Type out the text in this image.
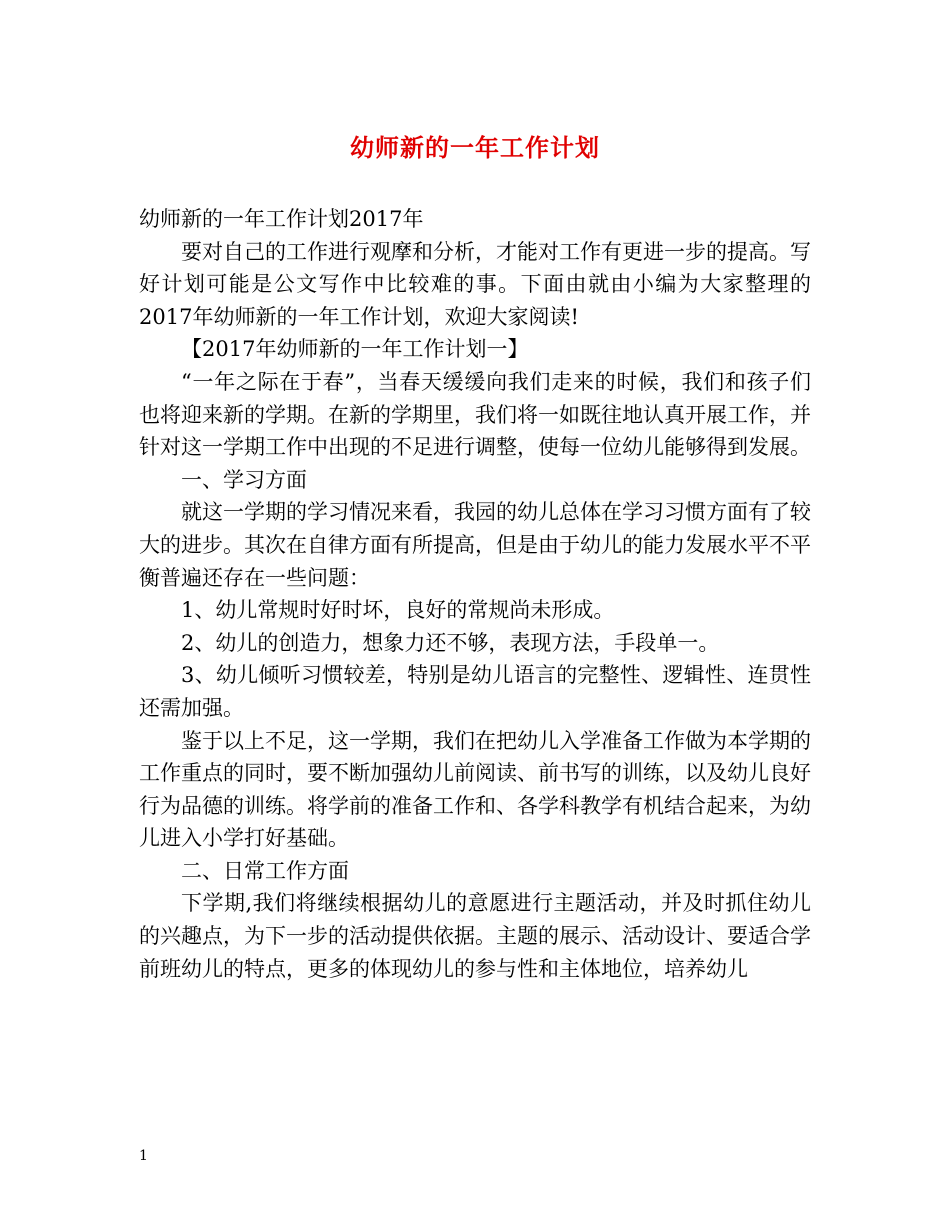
幼师新的一年工作计划

幼师新的一年工作计划2017年

要对自己的工作进行观摩和分析，才能对工作有更进一步的提高。写好计划可能是公文写作中比较难的事。下面由就由小编为大家整理的2017年幼师新的一年工作计划，欢迎大家阅读!

【2017年幼师新的一年工作计划一】

“一年之际在于春”，当春天缓缓向我们走来的时候，我们和孩子们也将迎来新的学期。在新的学期里，我们将一如既往地认真开展工作，并针对这一学期工作中出现的不足进行调整，使每一位幼儿能够得到发展。

一、学习方面

就这一学期的学习情况来看，我园的幼儿总体在学习习惯方面有了较大的进步。其次在自律方面有所提高，但是由于幼儿的能力发展水平不平衡普遍还存在一些问题：

1、幼儿常规时好时坏，良好的常规尚未形成。

2、幼儿的创造力，想象力还不够，表现方法，手段单一。

3、幼儿倾听习惯较差，特别是幼儿语言的完整性、逻辑性、连贯性还需加强。

鉴于以上不足，这一学期，我们在把幼儿入学准备工作做为本学期的工作重点的同时，要不断加强幼儿前阅读、前书写的训练，以及幼儿良好行为品德的训练。将学前的准备工作和、各学科教学有机结合起来，为幼儿进入小学打好基础。

二、日常工作方面

下学期,我们将继续根据幼儿的意愿进行主题活动，并及时抓住幼儿的兴趣点，为下一步的活动提供依据。主题的展示、活动设计、要适合学前班幼儿的特点，更多的体现幼儿的参与性和主体地位，培养幼儿

1
